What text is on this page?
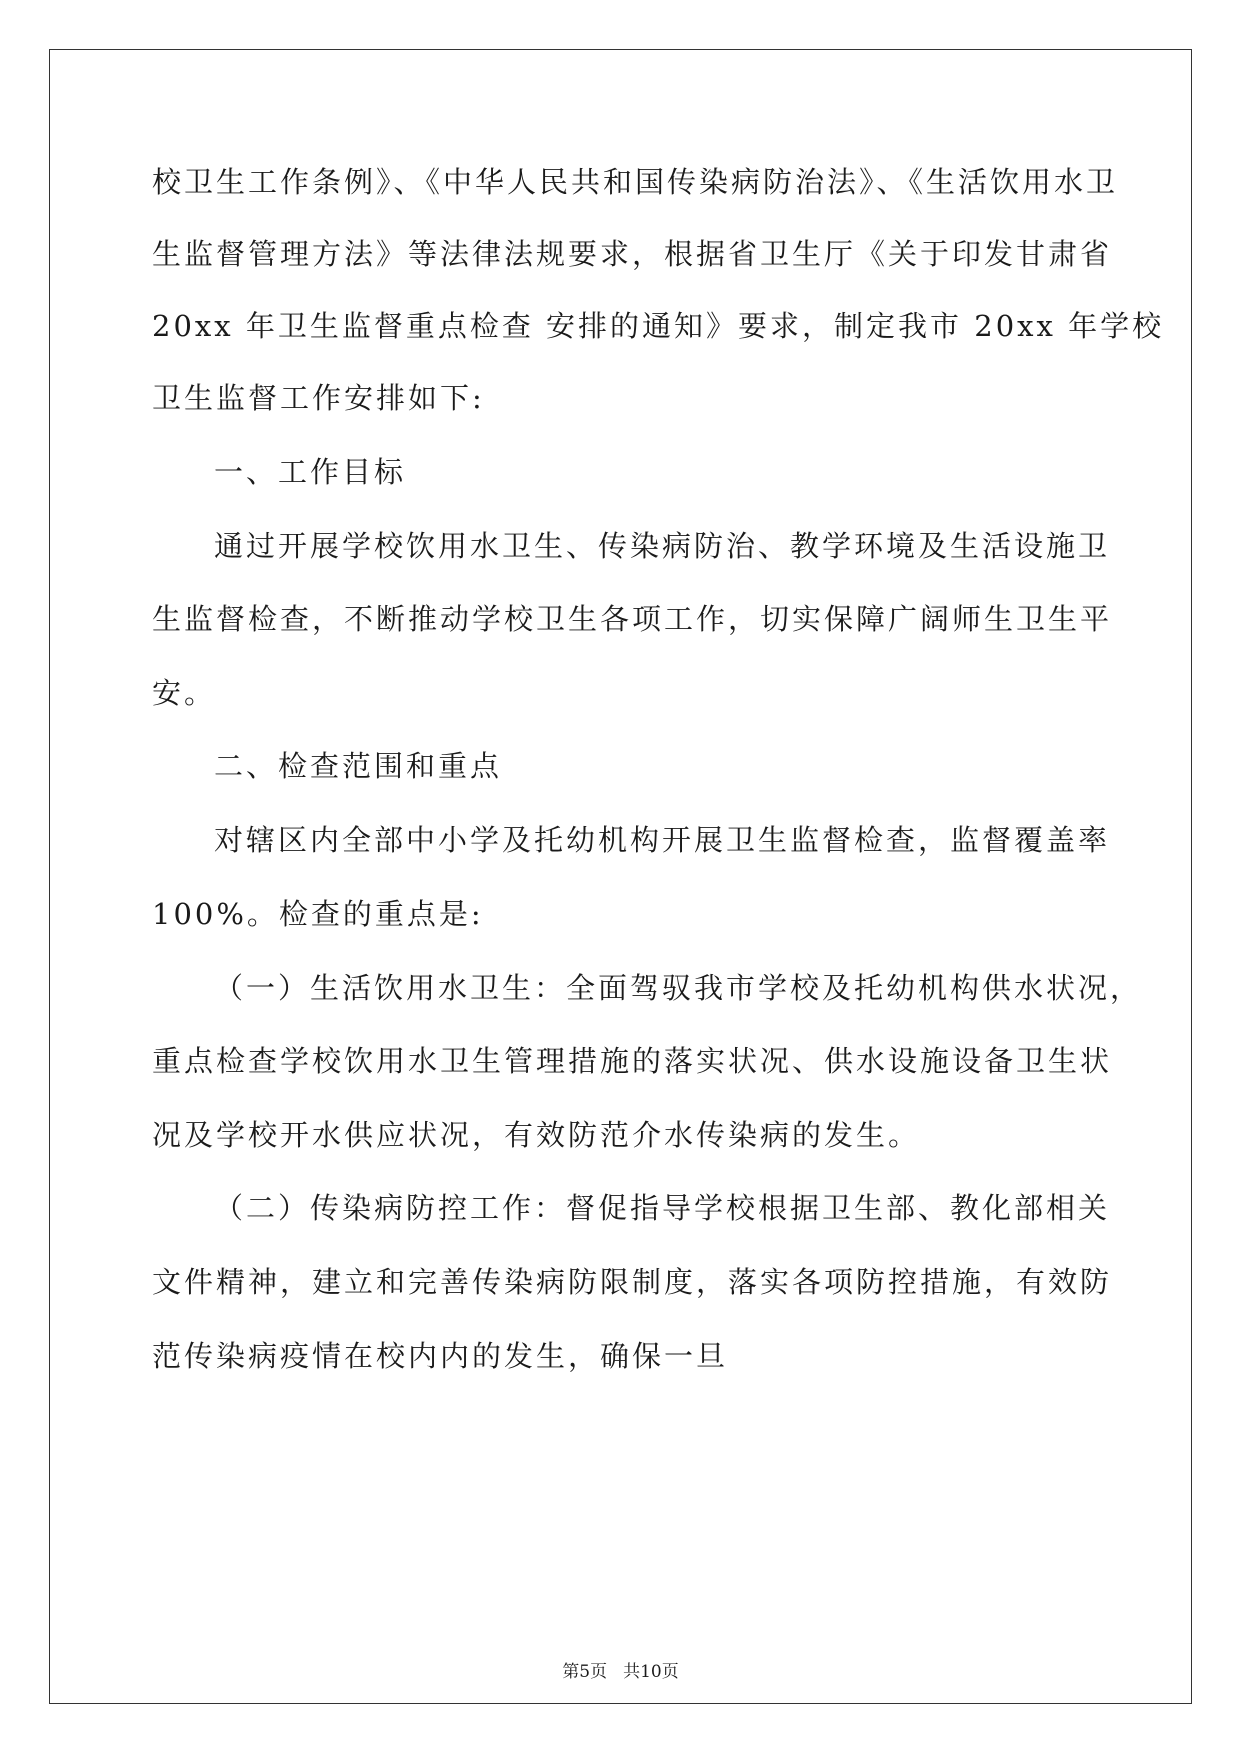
校卫生工作条例》、《中华人民共和国传染病防治法》、《生活饮用水卫
生监督管理方法》等法律法规要求，根据省卫生厅《关于印发甘肃省
20xx 年卫生监督重点检查 安排的通知》要求，制定我市 20xx 年学校
卫生监督工作安排如下:
一、工作目标
通过开展学校饮用水卫生、传染病防治、教学环境及生活设施卫
生监督检查，不断推动学校卫生各项工作，切实保障广阔师生卫生平
安。
二、检查范围和重点
对辖区内全部中小学及托幼机构开展卫生监督检查，监督覆盖率
100%。检查的重点是:
（一）生活饮用水卫生：全面驾驭我市学校及托幼机构供水状况，
重点检查学校饮用水卫生管理措施的落实状况、供水设施设备卫生状
况及学校开水供应状况，有效防范介水传染病的发生。
（二）传染病防控工作：督促指导学校根据卫生部、教化部相关
文件精神，建立和完善传染病防限制度，落实各项防控措施，有效防
范传染病疫情在校内内的发生，确保一旦
第5页 共10页
